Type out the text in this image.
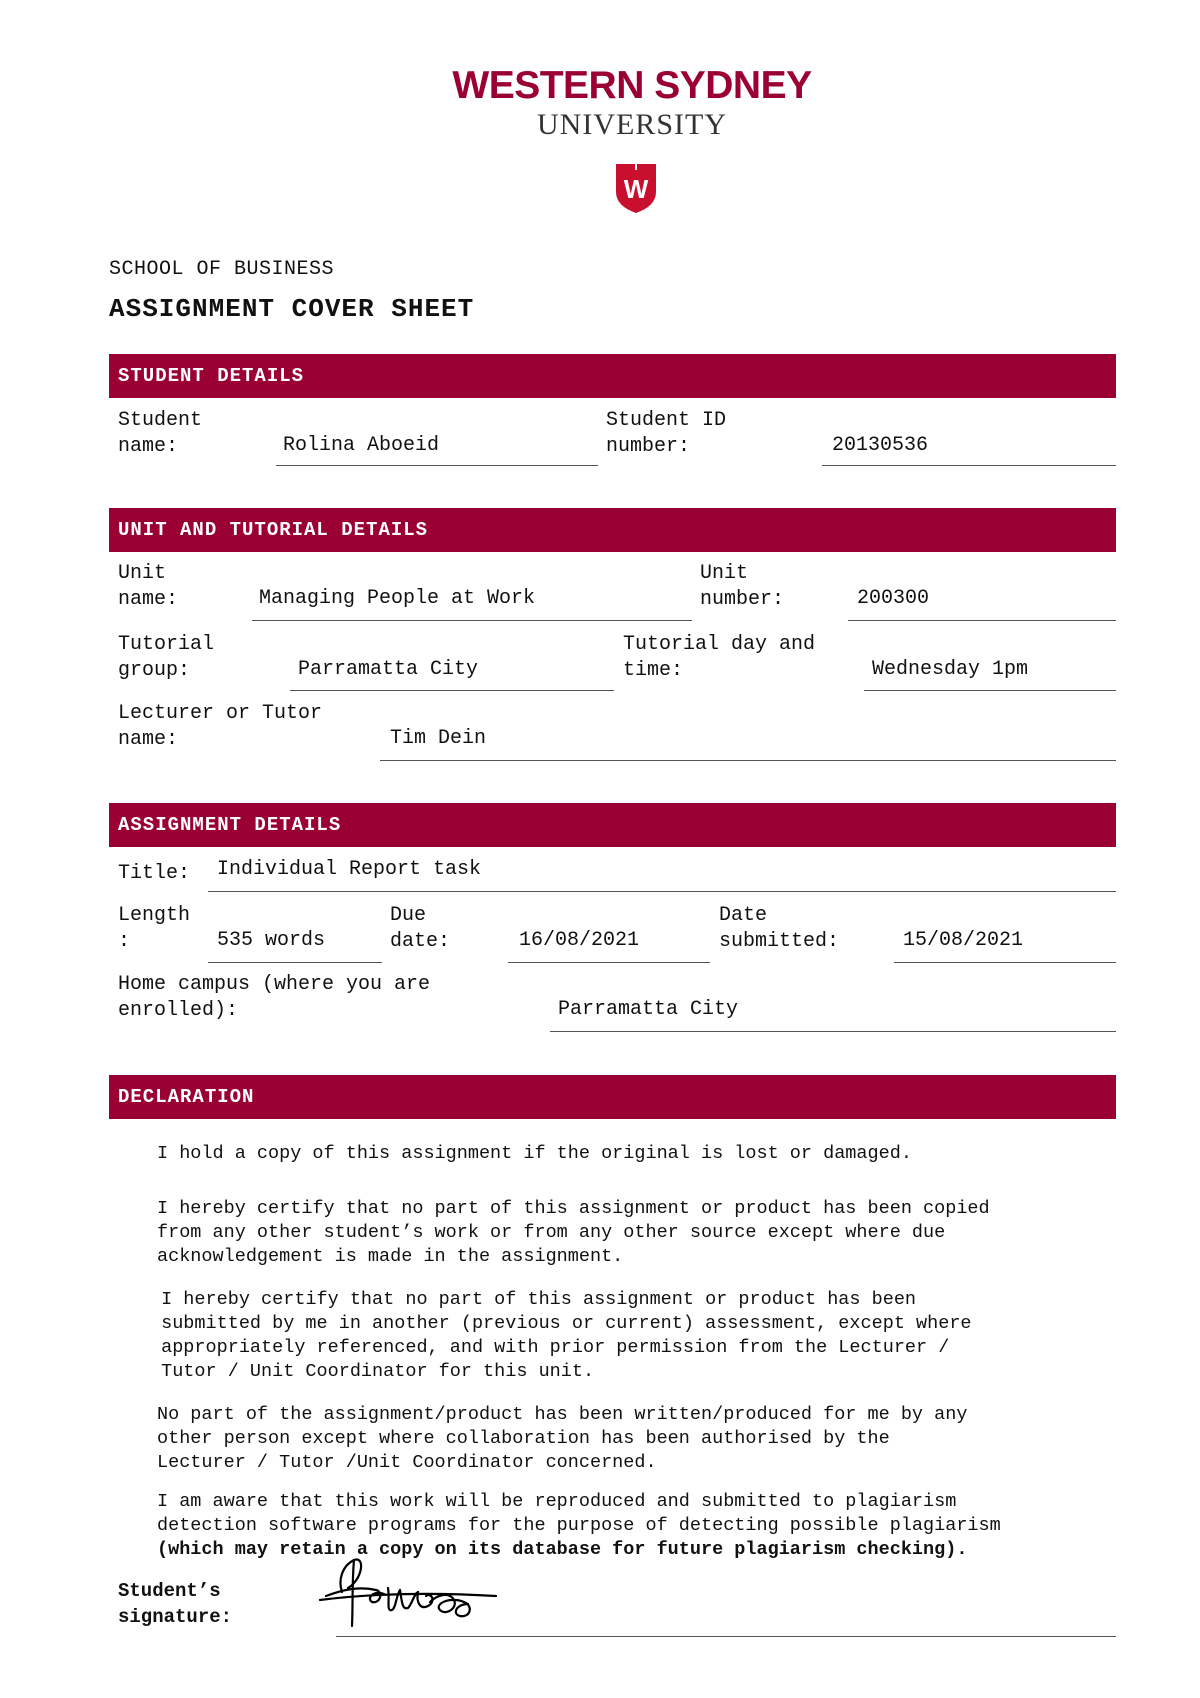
WESTERN SYDNEY
UNIVERSITY
W
SCHOOL OF BUSINESS
ASSIGNMENT COVER SHEET
STUDENT DETAILS
Student
name:	Rolina Aboeid
Student ID
number:	20130536
UNIT AND TUTORIAL DETAILS
Unit
name:	Managing People at Work
Unit
number:	200300
Tutorial
group:	Parramatta City
Tutorial day and
time:	Wednesday 1pm
Lecturer or Tutor
name:	Tim Dein
ASSIGNMENT DETAILS
Title: Individual Report task
Length
:	535 words
Due
date:	16/08/2021
Date
submitted:	15/08/2021
Home campus (where you are
enrolled):	Parramatta City
DECLARATION
I hold a copy of this assignment if the original is lost or damaged.
I hereby certify that no part of this assignment or product has been copied
from any other student’s work or from any other source except where due
acknowledgement is made in the assignment.
I hereby certify that no part of this assignment or product has been
submitted by me in another (previous or current) assessment, except where
appropriately referenced, and with prior permission from the Lecturer /
Tutor / Unit Coordinator for this unit.
No part of the assignment/product has been written/produced for me by any
other person except where collaboration has been authorised by the
Lecturer / Tutor /Unit Coordinator concerned.
I am aware that this work will be reproduced and submitted to plagiarism
detection software programs for the purpose of detecting possible plagiarism
(which may retain a copy on its database for future plagiarism checking).
Student’s
signature:
